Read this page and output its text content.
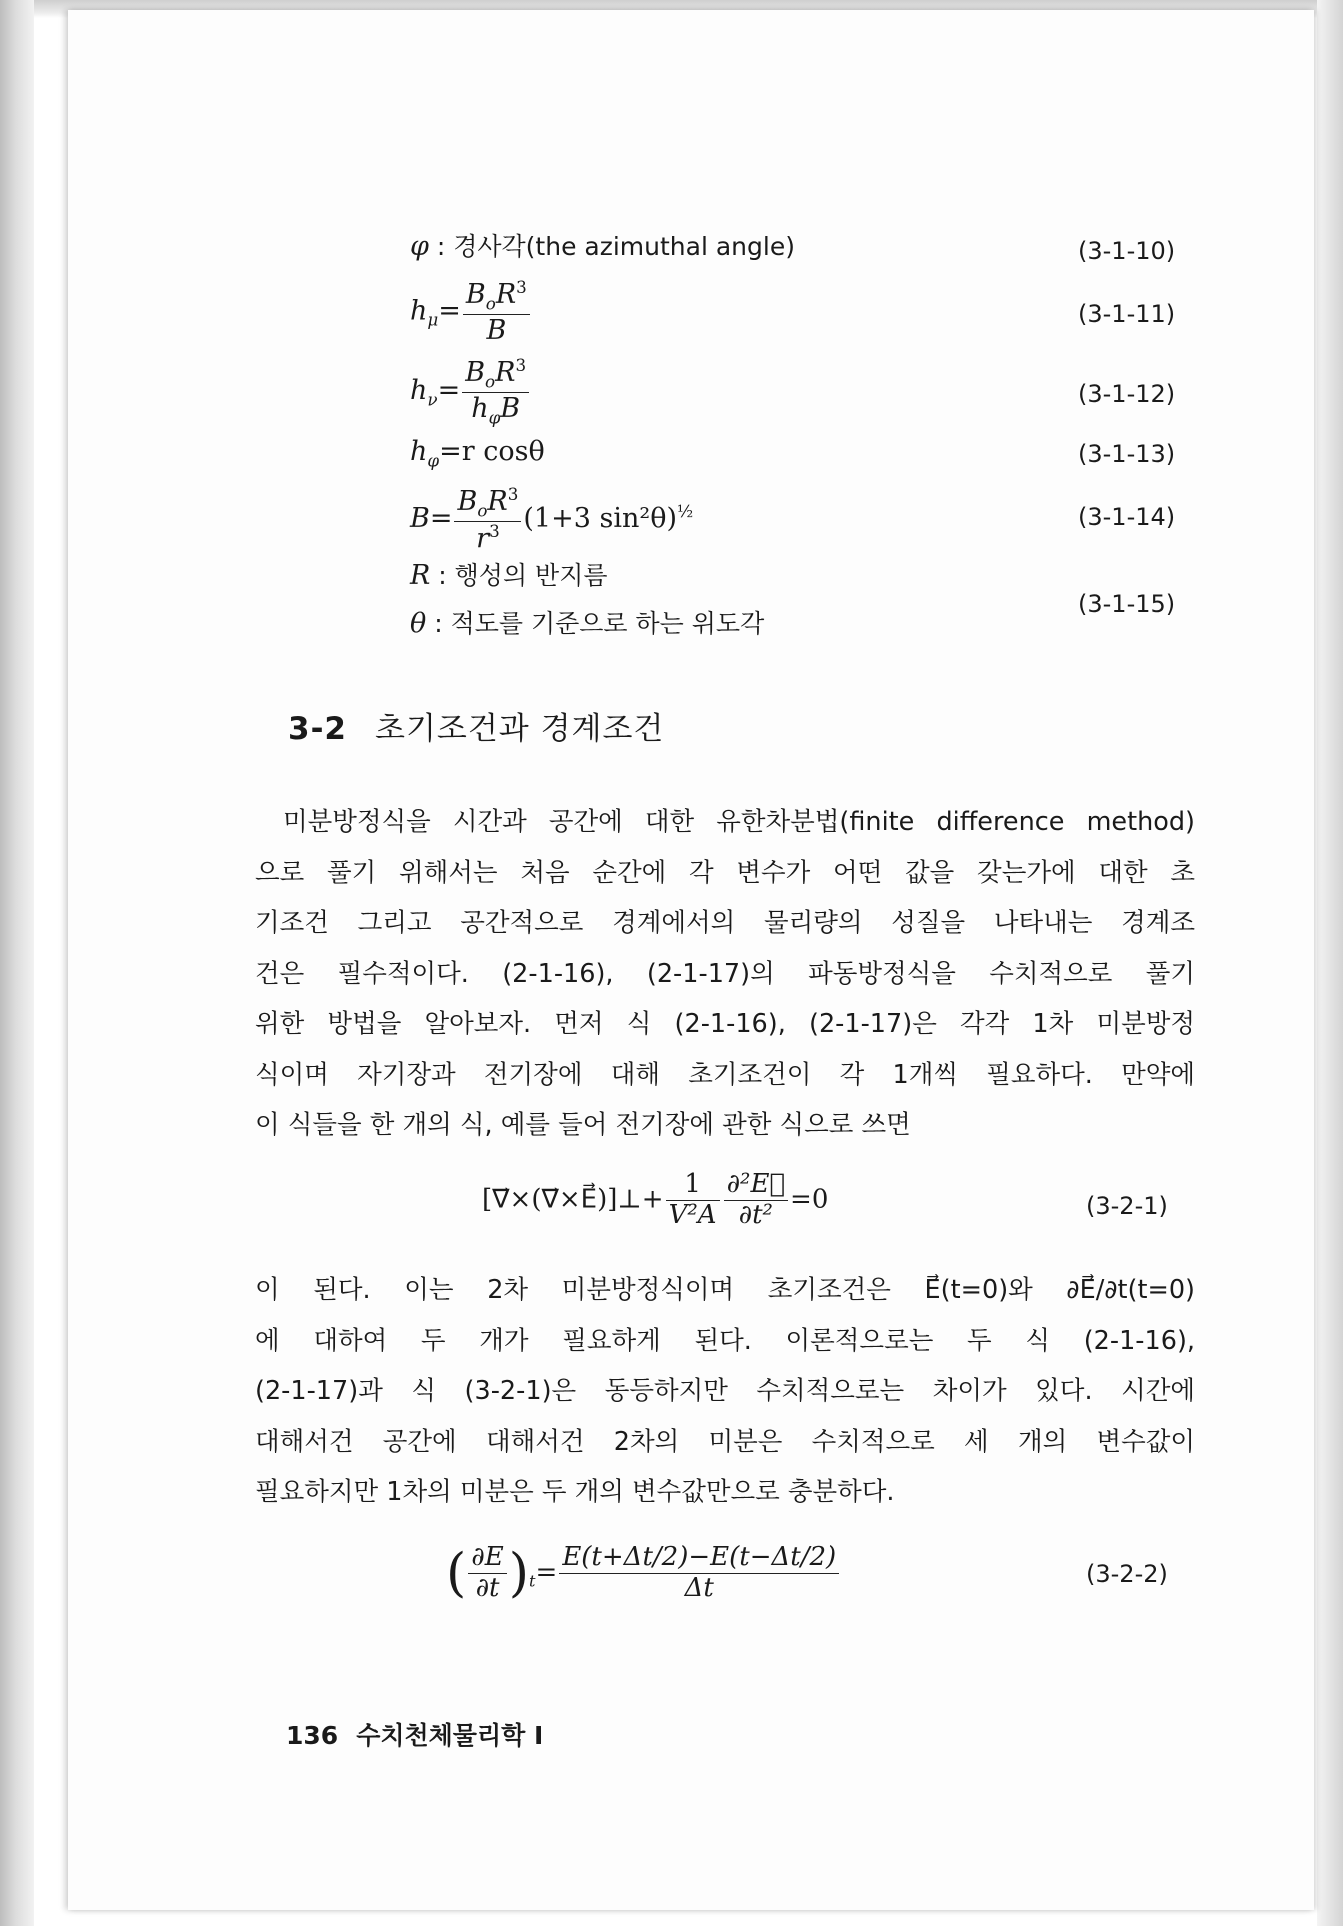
φ : 경사각(the azimuthal angle)	(3-1-10)
$h_\mu= \frac{B_oR^3}{B}$	(3-1-11)
$h_\nu= \frac{B_oR^3}{h_\varphi B}$	(3-1-12)
$h_\varphi=r$ cosθ	(3-1-13)
$B= \frac{B_oR^3}{r^3} (1+3$ sin²θ)$^{\frac{1}{2}}$	(3-1-14)
R : 행성의 반지름
θ : 적도를 기준으로 하는 위도각
(3-1-15)
3-2 초기조건과 경계조건
미분방정식을 시간과 공간에 대한 유한차분법(finite difference method)
으로 풀기 위해서는 처음 순간에 각 변수가 어떤 값을 갖는가에 대한 초
기조건 그리고 공간적으로 경계에서의 물리량의 성질을 나타내는 경계조
건은 필수적이다. (2-1-16), (2-1-17)의 파동방정식을 수치적으로 풀기
위한 방법을 알아보자. 먼저 식 (2-1-16), (2-1-17)은 각각 1차 미분방정
식이며 자기장과 전기장에 대해 초기조건이 각 1개씩 필요하다. 만약에
이 식들을 한 개의 식, 예를 들어 전기장에 관한 식으로 쓰면
[∇⃗×(∇⃗×E⃗)]⊥+ $\frac{1}{\text{V²A}} \frac{\text{∂²E⃗}}{\text{∂t²}} =0$	(3-2-1)
이 된다. 이는 2차 미분방정식이며 초기조건은 E⃗(t=0)와 ∂E⃗/∂t(t=0)
에 대하여 두 개가 필요하게 된다. 이론적으로는 두 식 (2-1-16),
(2-1-17)과 식 (3-2-1)은 동등하지만 수치적으로는 차이가 있다. 시간에
대해서건 공간에 대해서건 2차의 미분은 수치적으로 세 개의 변수값이
필요하지만 1차의 미분은 두 개의 변수값만으로 충분하다.
( $\frac{\partial E}{\partial t} )_t= \frac{E(t+\Delta t/2)-E(t-\Delta t/2)}{\Delta t}$	(3-2-2)
136 수치천체물리학 Ⅰ
